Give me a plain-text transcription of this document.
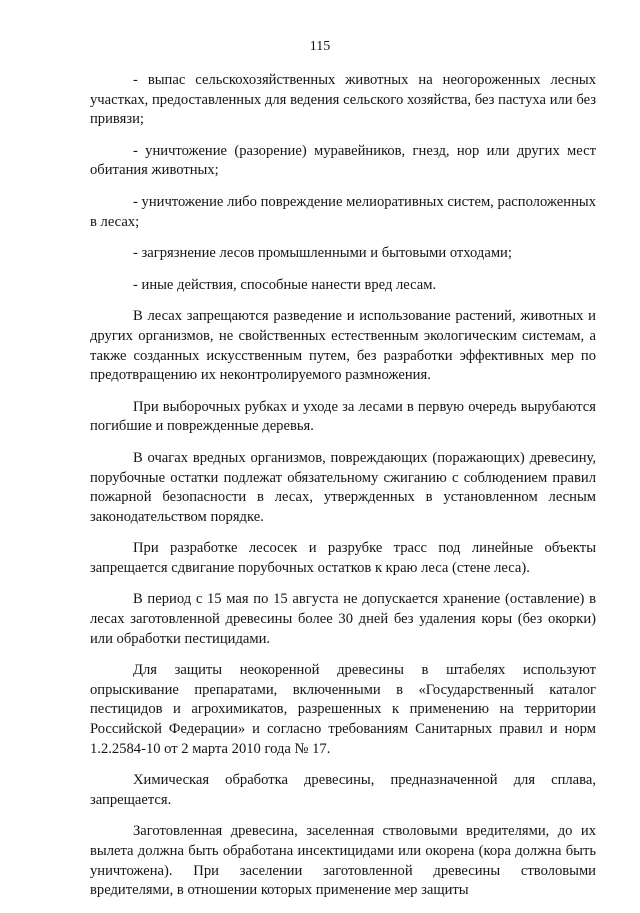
115

- выпас сельскохозяйственных животных на неогороженных лесных участках, предоставленных для ведения сельского хозяйства, без пастуха или без привязи;

- уничтожение (разорение) муравейников, гнезд, нор или других мест обитания животных;

- уничтожение либо повреждение мелиоративных систем, расположенных в лесах;

- загрязнение лесов промышленными и бытовыми отходами;

- иные действия, способные нанести вред лесам.

В лесах запрещаются разведение и использование растений, животных и других организмов, не свойственных естественным экологическим системам, а также созданных искусственным путем, без разработки эффективных мер по предотвращению их неконтролируемого размножения.

При выборочных рубках и уходе за лесами в первую очередь вырубаются погибшие и поврежденные деревья.

В очагах вредных организмов, повреждающих (поражающих) древесину, порубочные остатки подлежат обязательному сжиганию с соблюдением правил пожарной безопасности в лесах, утвержденных в установленном лесным законодательством порядке.

При разработке лесосек и разрубке трасс под линейные объекты запрещается сдвигание порубочных остатков к краю леса (стене леса).

В период с 15 мая по 15 августа не допускается хранение (оставление) в лесах заготовленной древесины более 30 дней без удаления коры (без окорки) или обработки пестицидами.

Для защиты неокоренной древесины в штабелях используют опрыскивание препаратами, включенными в «Государственный каталог пестицидов и агрохимикатов, разрешенных к применению на территории Российской Федерации» и согласно требованиям Санитарных правил и норм 1.2.2584-10 от 2 марта 2010 года № 17.

Химическая обработка древесины, предназначенной для сплава, запрещается.

Заготовленная древесина, заселенная стволовыми вредителями, до их вылета должна быть обработана инсектицидами или окорена (кора должна быть уничтожена). При заселении заготовленной древесины стволовыми вредителями, в отношении которых применение мер защиты
